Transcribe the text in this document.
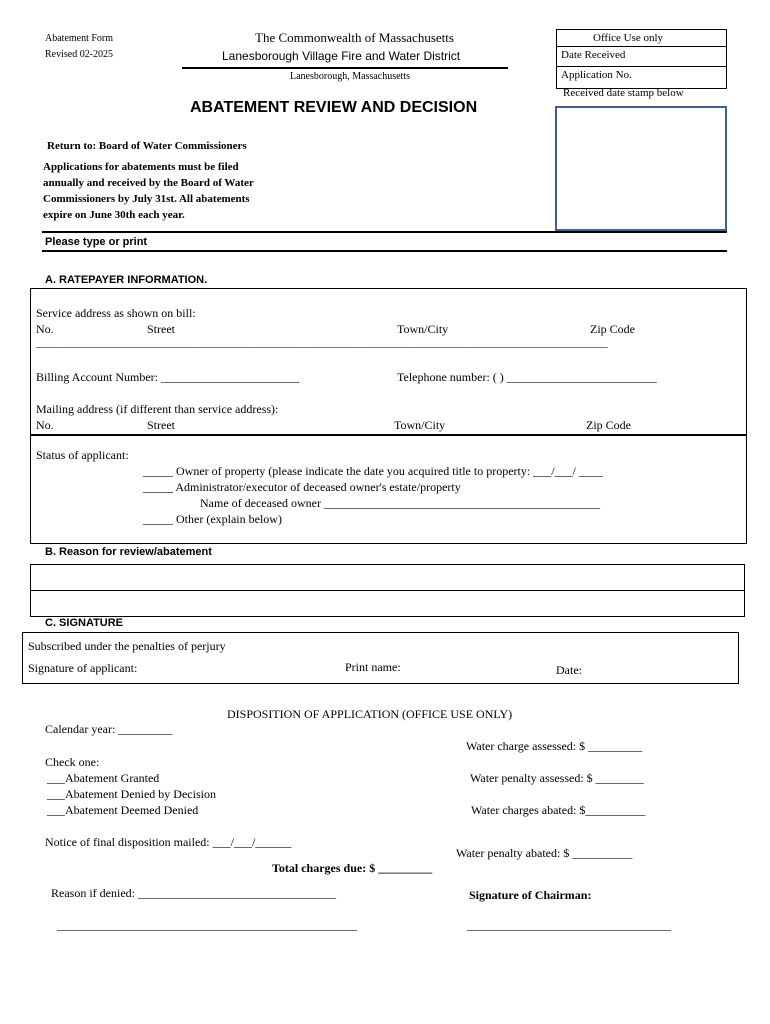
Abatement Form
Revised 02-2025
The Commonwealth of Massachusetts
Lanesborough Village Fire and Water District
Lanesborough, Massachusetts
ABATEMENT REVIEW AND DECISION
Office Use only
Date Received
Application No.
Received date stamp below
Return to: Board of Water Commissioners
Applications for abatements must be filed
annually and received by the Board of Water
Commissioners by July 31st. All abatements
expire on June 30th each year.
Please type or print
A. RATEPAYER INFORMATION.
Service address as shown on bill:
No.	Street	Town/City	Zip Code
________________________________________________________________________________________________________________
Billing Account Number: _______________________	Telephone number: ( ) _________________________
Mailing address (if different than service address):
No.	Street	Town/City	Zip Code
Status of applicant:
_____ Owner of property (please indicate the date you acquired title to property: ___/___/ ____
_____ Administrator/executor of deceased owner's estate/property
Name of deceased owner ______________________________________________
_____ Other (explain below)
B. Reason for review/abatement
C. SIGNATURE
Subscribed under the penalties of perjury
Signature of applicant:	Print name:	Date:
DISPOSITION OF APPLICATION (OFFICE USE ONLY)
Calendar year: _________
Water charge assessed: $ _________
Check one:
___Abatement Granted	Water penalty assessed: $ ________
___Abatement Denied by Decision
___Abatement Deemed Denied	Water charges abated: $__________
Notice of final disposition mailed: ___/___/______
Water penalty abated: $ __________
Total charges due: $ _________
Reason if denied: _________________________________	Signature of Chairman:
__________________________________________________	__________________________________
